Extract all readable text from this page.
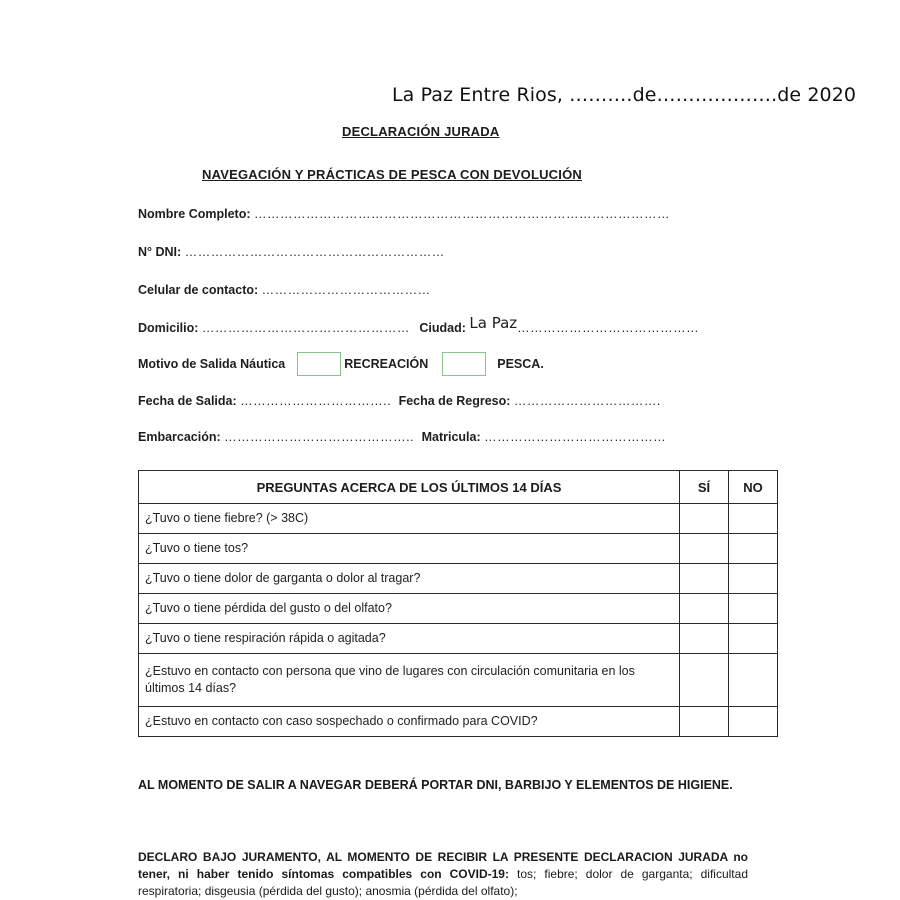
La Paz Entre Rios, ……….de……………….de 2020
DECLARACIÓN JURADA
NAVEGACIÓN Y PRÁCTICAS DE PESCA CON DEVOLUCIÓN
Nombre Completo: ……………………………………………………………………………………
N° DNI: ……………………………………………………
Celular de contacto: …………………………………
Domicilio: ………………………………………… Ciudad: La Paz……………………………………
Motivo de Salida Náutica	RECREACIÓN	PESCA.
Fecha de Salida: …………………………….. Fecha de Regreso: …………………………….
Embarcación: …………………………………….. Matricula: ……………………………………
PREGUNTAS ACERCA DE LOS ÚLTIMOS 14 DÍAS	SÍ	NO
¿Tuvo o tiene fiebre? (> 38C)		
¿Tuvo o tiene tos?		
¿Tuvo o tiene dolor de garganta o dolor al tragar?		
¿Tuvo o tiene pérdida del gusto o del olfato?		
¿Tuvo o tiene respiración rápida o agitada?		
¿Estuvo en contacto con persona que vino de lugares con circulación comunitaria en los últimos 14 días?		
¿Estuvo en contacto con caso sospechado o confirmado para COVID?		
AL MOMENTO DE SALIR A NAVEGAR DEBERÁ PORTAR DNI, BARBIJO Y ELEMENTOS DE HIGIENE.
DECLARO BAJO JURAMENTO, AL MOMENTO DE RECIBIR LA PRESENTE DECLARACION JURADA no tener, ni haber tenido síntomas compatibles con COVID-19: tos; fiebre; dolor de garganta; dificultad respiratoria; disgeusia (pérdida del gusto); anosmia (pérdida del olfato);
